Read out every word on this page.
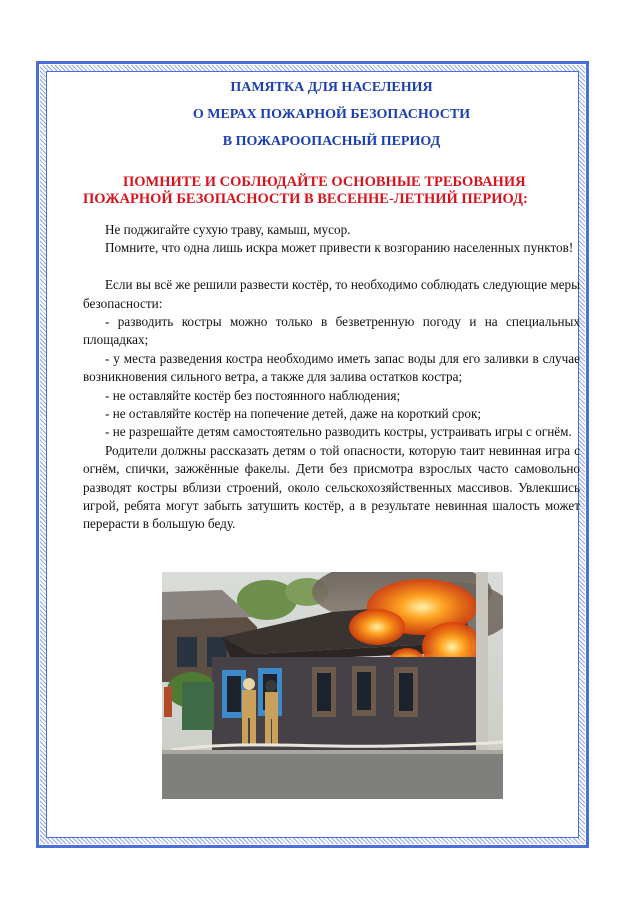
ПАМЯТКА ДЛЯ НАСЕЛЕНИЯ
О МЕРАХ ПОЖАРНОЙ БЕЗОПАСНОСТИ
В ПОЖАРООПАСНЫЙ ПЕРИОД
ПОМНИТЕ И СОБЛЮДАЙТЕ ОСНОВНЫЕ ТРЕБОВАНИЯ
ПОЖАРНОЙ БЕЗОПАСНОСТИ В ВЕСЕННЕ-ЛЕТНИЙ ПЕРИОД:

Не поджигайте сухую траву, камыш, мусор.

Помните, что одна лишь искра может привести к возгоранию населенных пунктов!

Если вы всё же решили развести костёр, то необходимо соблюдать следующие меры безопасности:

- разводить костры можно только в безветренную погоду и на специальных площадках;

- у места разведения костра необходимо иметь запас воды для его заливки в случае возникновения сильного ветра, а также для залива остатков костра;

- не оставляйте костёр без постоянного наблюдения;

- не оставляйте костёр на попечение детей, даже на короткий срок;

- не разрешайте детям самостоятельно разводить костры, устраивать игры с огнём.

Родители должны рассказать детям о той опасности, которую таит невинная игра с огнём, спички, зажжённые факелы. Дети без присмотра взрослых часто самовольно разводят костры вблизи строений, около сельскохозяйственных массивов. Увлекшись игрой, ребята могут забыть затушить костёр, а в результате невинная шалость может перерасти в большую беду.
